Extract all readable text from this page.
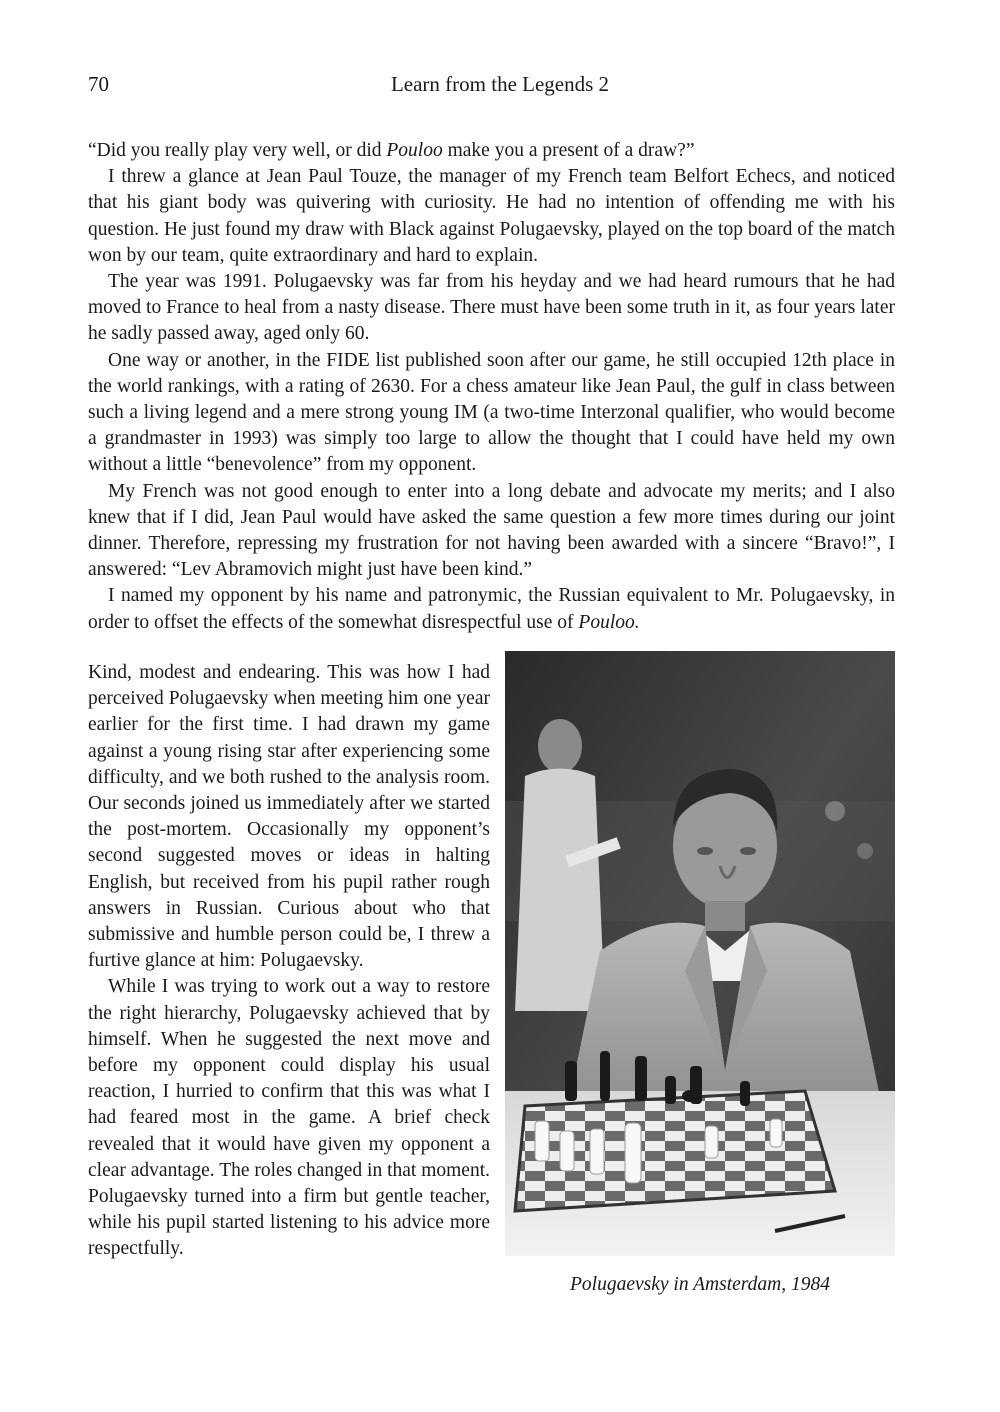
70	Learn from the Legends 2

“Did you really play very well, or did Pouloo make you a present of a draw?”

I threw a glance at Jean Paul Touze, the manager of my French team Belfort Echecs, and noticed that his giant body was quivering with curiosity. He had no intention of offending me with his question. He just found my draw with Black against Polugaevsky, played on the top board of the match won by our team, quite extraordinary and hard to explain.

The year was 1991. Polugaevsky was far from his heyday and we had heard rumours that he had moved to France to heal from a nasty disease. There must have been some truth in it, as four years later he sadly passed away, aged only 60.

One way or another, in the FIDE list published soon after our game, he still occupied 12th place in the world rankings, with a rating of 2630. For a chess amateur like Jean Paul, the gulf in class between such a living legend and a mere strong young IM (a two-time Interzonal qualifier, who would become a grandmaster in 1993) was simply too large to allow the thought that I could have held my own without a little “benevolence” from my opponent.

My French was not good enough to enter into a long debate and advocate my merits; and I also knew that if I did, Jean Paul would have asked the same question a few more times during our joint dinner. Therefore, repressing my frustration for not having been awarded with a sincere “Bravo!”, I answered: “Lev Abramovich might just have been kind.”

I named my opponent by his name and patronymic, the Russian equivalent to Mr. Polugaevsky, in order to offset the effects of the somewhat disrespectful use of Pouloo.

Kind, modest and endearing. This was how I had perceived Polugaevsky when meeting him one year earlier for the first time. I had drawn my game against a young rising star after experiencing some difficulty, and we both rushed to the analysis room. Our seconds joined us immediately after we started the post-mortem. Occasionally my opponent’s second suggested moves or ideas in halting English, but received from his pupil rather rough answers in Russian. Curious about who that submissive and humble person could be, I threw a furtive glance at him: Polugaevsky.

While I was trying to work out a way to restore the right hierarchy, Polugaevsky achieved that by himself. When he suggested the next move and before my opponent could display his usual reaction, I hurried to confirm that this was what I had feared most in the game. A brief check revealed that it would have given my opponent a clear advantage. The roles changed in that moment. Polugaevsky turned into a firm but gentle teacher, while his pupil started listening to his advice more respectfully.

Polugaevsky in Amsterdam, 1984
